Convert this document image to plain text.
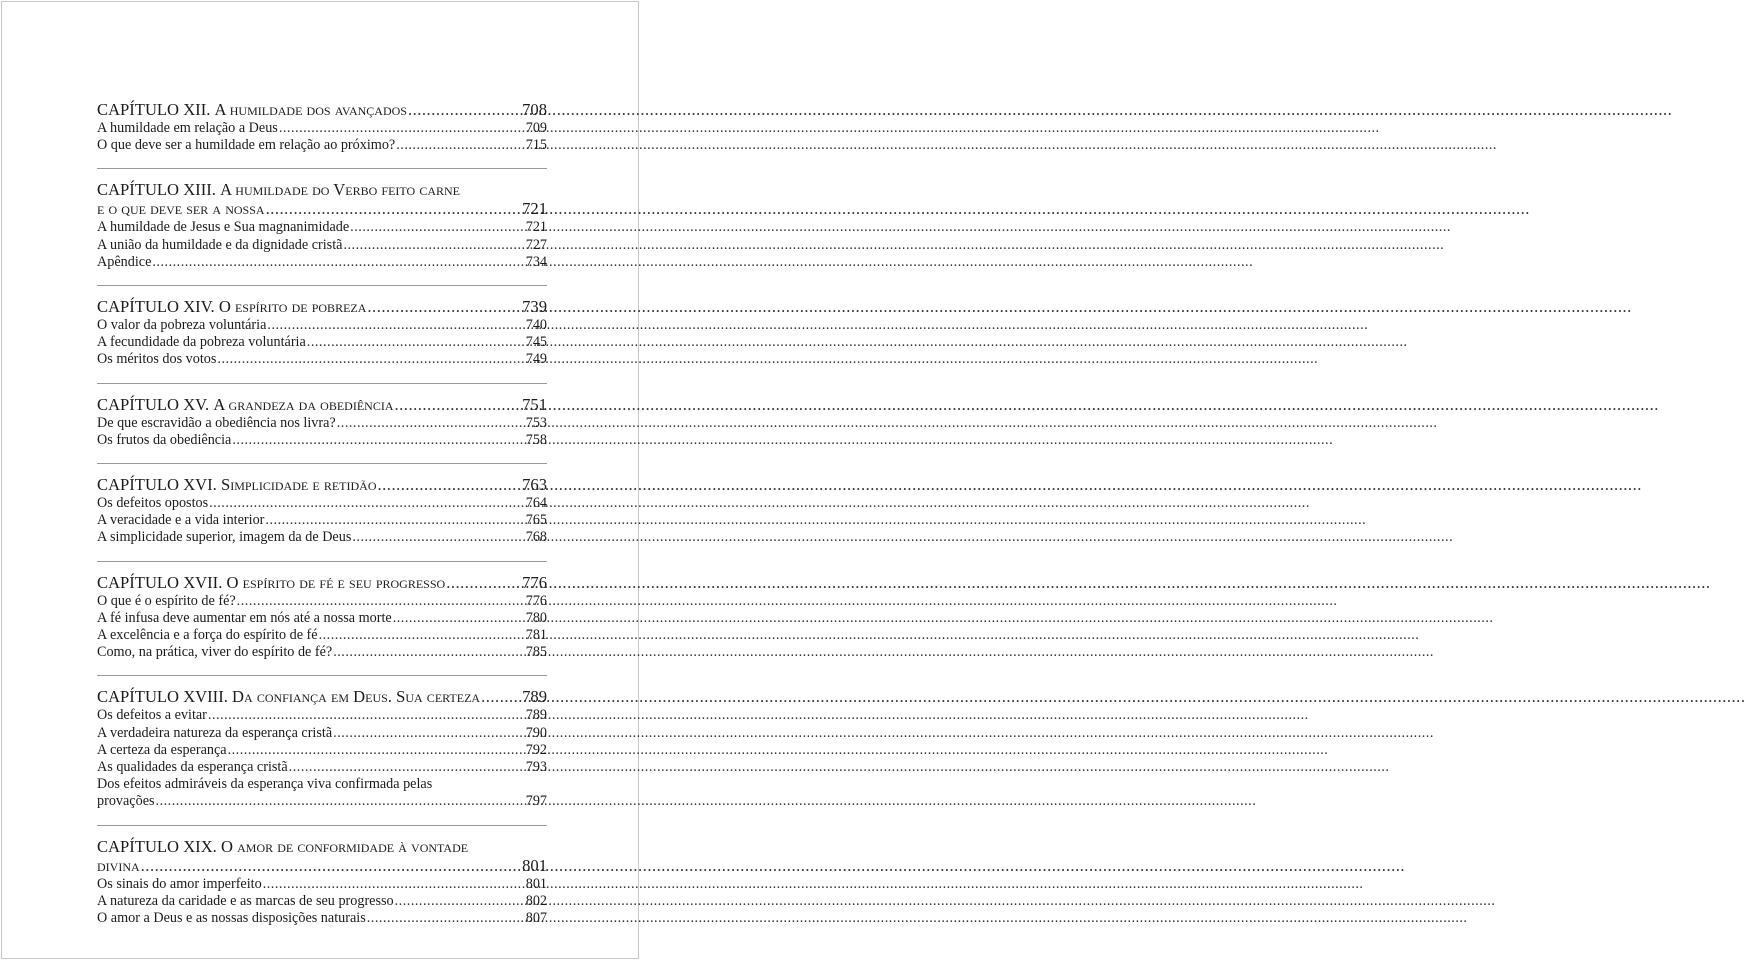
CAPÍTULO XII. A humildade dos avançados .....	708
A humildade em relação a Deus .....	709
O que deve ser a humildade em relação ao próximo? .....	715
CAPÍTULO XIII. A humildade do Verbo feito carne
e o que deve ser a nossa .....	721
A humildade de Jesus e Sua magnanimidade .....	721
A união da humildade e da dignidade cristã .....	727
Apêndice .....	734
CAPÍTULO XIV. O espírito de pobreza .....	739
O valor da pobreza voluntária .....	740
A fecundidade da pobreza voluntária .....	745
Os méritos dos votos .....	749
CAPÍTULO XV. A grandeza da obediência .....	751
De que escravidão a obediência nos livra? .....	753
Os frutos da obediência .....	758
CAPÍTULO XVI. Simplicidade e retidão .....	763
Os defeitos opostos .....	764
A veracidade e a vida interior .....	765
A simplicidade superior, imagem da de Deus .....	768
CAPÍTULO XVII. O espírito de fé e seu progresso .....	776
O que é o espírito de fé? .....	776
A fé infusa deve aumentar em nós até a nossa morte .....	780
A excelência e a força do espírito de fé .....	781
Como, na prática, viver do espírito de fé? .....	785
CAPÍTULO XVIII. Da confiança em Deus. Sua certeza .....	789
Os defeitos a evitar .....	789
A verdadeira natureza da esperança cristã .....	790
A certeza da esperança .....	792
As qualidades da esperança cristã .....	793
Dos efeitos admiráveis da esperança viva confirmada pelas
provações .....	797
CAPÍTULO XIX. O amor de conformidade à vontade
divina .....	801
Os sinais do amor imperfeito .....	801
A natureza da caridade e as marcas de seu progresso .....	802
O amor a Deus e as nossas disposições naturais .....	807
